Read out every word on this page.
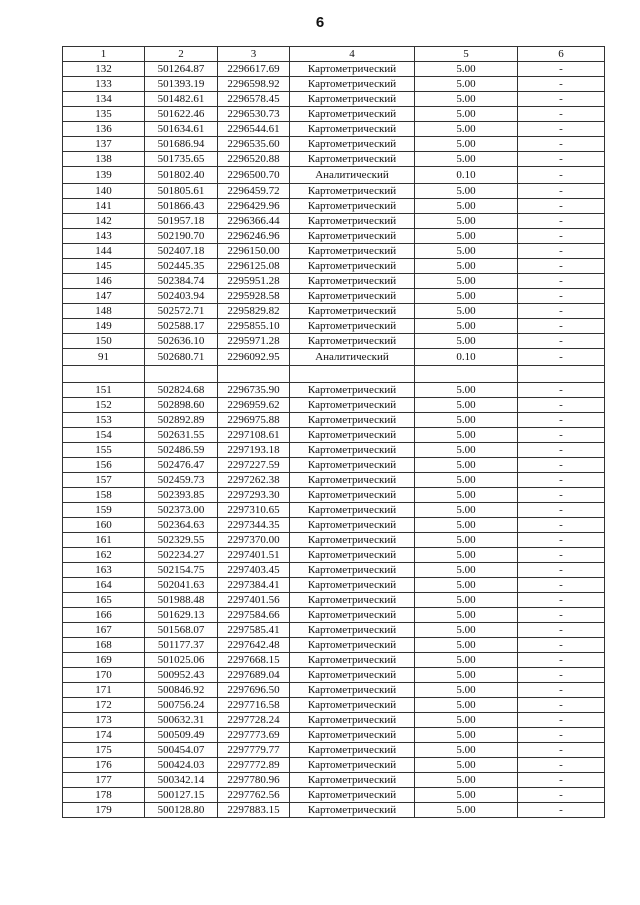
6
1	2	3	4	5	6
132	501264.87	2296617.69	Картометрический	5.00	-
133	501393.19	2296598.92	Картометрический	5.00	-
134	501482.61	2296578.45	Картометрический	5.00	-
135	501622.46	2296530.73	Картометрический	5.00	-
136	501634.61	2296544.61	Картометрический	5.00	-
137	501686.94	2296535.60	Картометрический	5.00	-
138	501735.65	2296520.88	Картометрический	5.00	-
139	501802.40	2296500.70	Аналитический	0.10	-
140	501805.61	2296459.72	Картометрический	5.00	-
141	501866.43	2296429.96	Картометрический	5.00	-
142	501957.18	2296366.44	Картометрический	5.00	-
143	502190.70	2296246.96	Картометрический	5.00	-
144	502407.18	2296150.00	Картометрический	5.00	-
145	502445.35	2296125.08	Картометрический	5.00	-
146	502384.74	2295951.28	Картометрический	5.00	-
147	502403.94	2295928.58	Картометрический	5.00	-
148	502572.71	2295829.82	Картометрический	5.00	-
149	502588.17	2295855.10	Картометрический	5.00	-
150	502636.10	2295971.28	Картометрический	5.00	-
91	502680.71	2296092.95	Аналитический	0.10	-

151	502824.68	2296735.90	Картометрический	5.00	-
152	502898.60	2296959.62	Картометрический	5.00	-
153	502892.89	2296975.88	Картометрический	5.00	-
154	502631.55	2297108.61	Картометрический	5.00	-
155	502486.59	2297193.18	Картометрический	5.00	-
156	502476.47	2297227.59	Картометрический	5.00	-
157	502459.73	2297262.38	Картометрический	5.00	-
158	502393.85	2297293.30	Картометрический	5.00	-
159	502373.00	2297310.65	Картометрический	5.00	-
160	502364.63	2297344.35	Картометрический	5.00	-
161	502329.55	2297370.00	Картометрический	5.00	-
162	502234.27	2297401.51	Картометрический	5.00	-
163	502154.75	2297403.45	Картометрический	5.00	-
164	502041.63	2297384.41	Картометрический	5.00	-
165	501988.48	2297401.56	Картометрический	5.00	-
166	501629.13	2297584.66	Картометрический	5.00	-
167	501568.07	2297585.41	Картометрический	5.00	-
168	501177.37	2297642.48	Картометрический	5.00	-
169	501025.06	2297668.15	Картометрический	5.00	-
170	500952.43	2297689.04	Картометрический	5.00	-
171	500846.92	2297696.50	Картометрический	5.00	-
172	500756.24	2297716.58	Картометрический	5.00	-
173	500632.31	2297728.24	Картометрический	5.00	-
174	500509.49	2297773.69	Картометрический	5.00	-
175	500454.07	2297779.77	Картометрический	5.00	-
176	500424.03	2297772.89	Картометрический	5.00	-
177	500342.14	2297780.96	Картометрический	5.00	-
178	500127.15	2297762.56	Картометрический	5.00	-
179	500128.80	2297883.15	Картометрический	5.00	-
